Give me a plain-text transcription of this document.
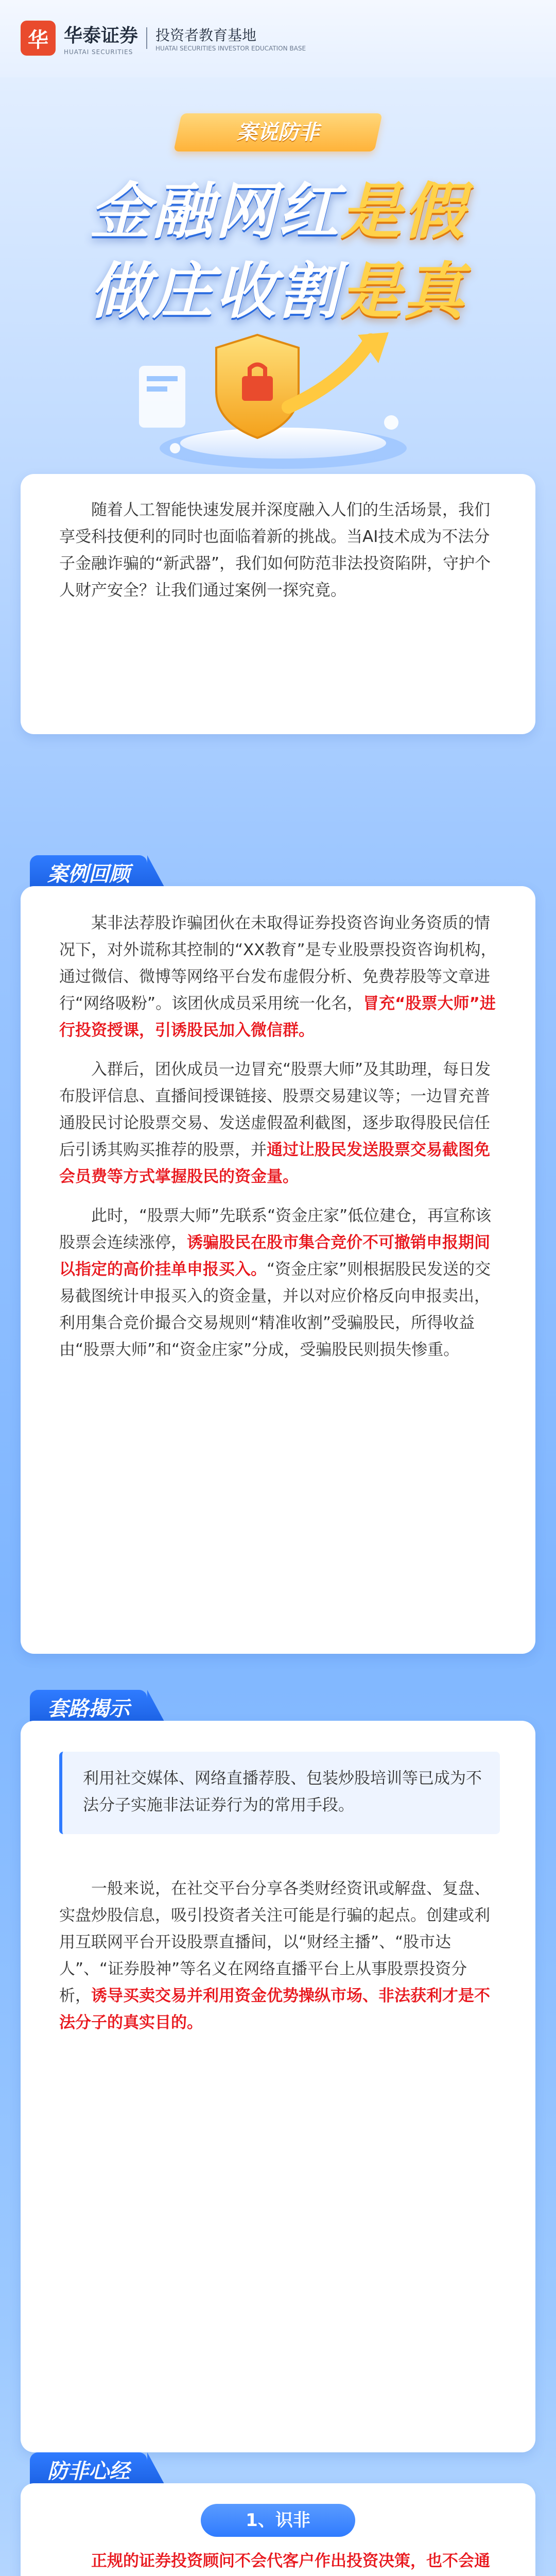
华 华泰证券
HUATAI SECURITIES
投资者教育基地
HUATAI SECURITIES INVESTOR EDUCATION BASE
案说防非
金融网红是假
做庄收割是真
随着人工智能快速发展并深度融入人们的生活场景，我们享受科技便利的同时也面临着新的挑战。当AI技术成为不法分子金融诈骗的“新武器”，我们如何防范非法投资陷阱，守护个人财产安全？让我们通过案例一探究竟。
案例回顾

某非法荐股诈骗团伙在未取得证券投资咨询业务资质的情况下，对外谎称其控制的“XX教育”是专业股票投资咨询机构，通过微信、微博等网络平台发布虚假分析、免费荐股等文章进行“网络吸粉”。该团伙成员采用统一化名，冒充“股票大师”进行投资授课，引诱股民加入微信群。

入群后，团伙成员一边冒充“股票大师”及其助理，每日发布股评信息、直播间授课链接、股票交易建议等；一边冒充普通股民讨论股票交易、发送虚假盈利截图，逐步取得股民信任后引诱其购买推荐的股票，并通过让股民发送股票交易截图免会员费等方式掌握股民的资金量。

此时，“股票大师”先联系“资金庄家”低位建仓，再宣称该股票会连续涨停，诱骗股民在股市集合竞价不可撤销申报期间以指定的高价挂单申报买入。“资金庄家”则根据股民发送的交易截图统计申报买入的资金量，并以对应价格反向申报卖出，利用集合竞价撮合交易规则“精准收割”受骗股民，所得收益由“股票大师”和“资金庄家”分成，受骗股民则损失惨重。

套路揭示
利用社交媒体、网络直播荐股、包装炒股培训等已成为不法分子实施非法证券行为的常用手段。
一般来说，在社交平台分享各类财经资讯或解盘、复盘、实盘炒股信息，吸引投资者关注可能是行骗的起点。创建或利用互联网平台开设股票直播间，以“财经主播”、“股市达人”、“证券股神”等名义在网络直播平台上从事股票投资分析，诱导买卖交易并利用资金优势操纵市场、非法获利才是不法分子的真实目的。
防非心经
1、识非
正规的证券投资顾问不会代客户作出投资决策，也不会通
